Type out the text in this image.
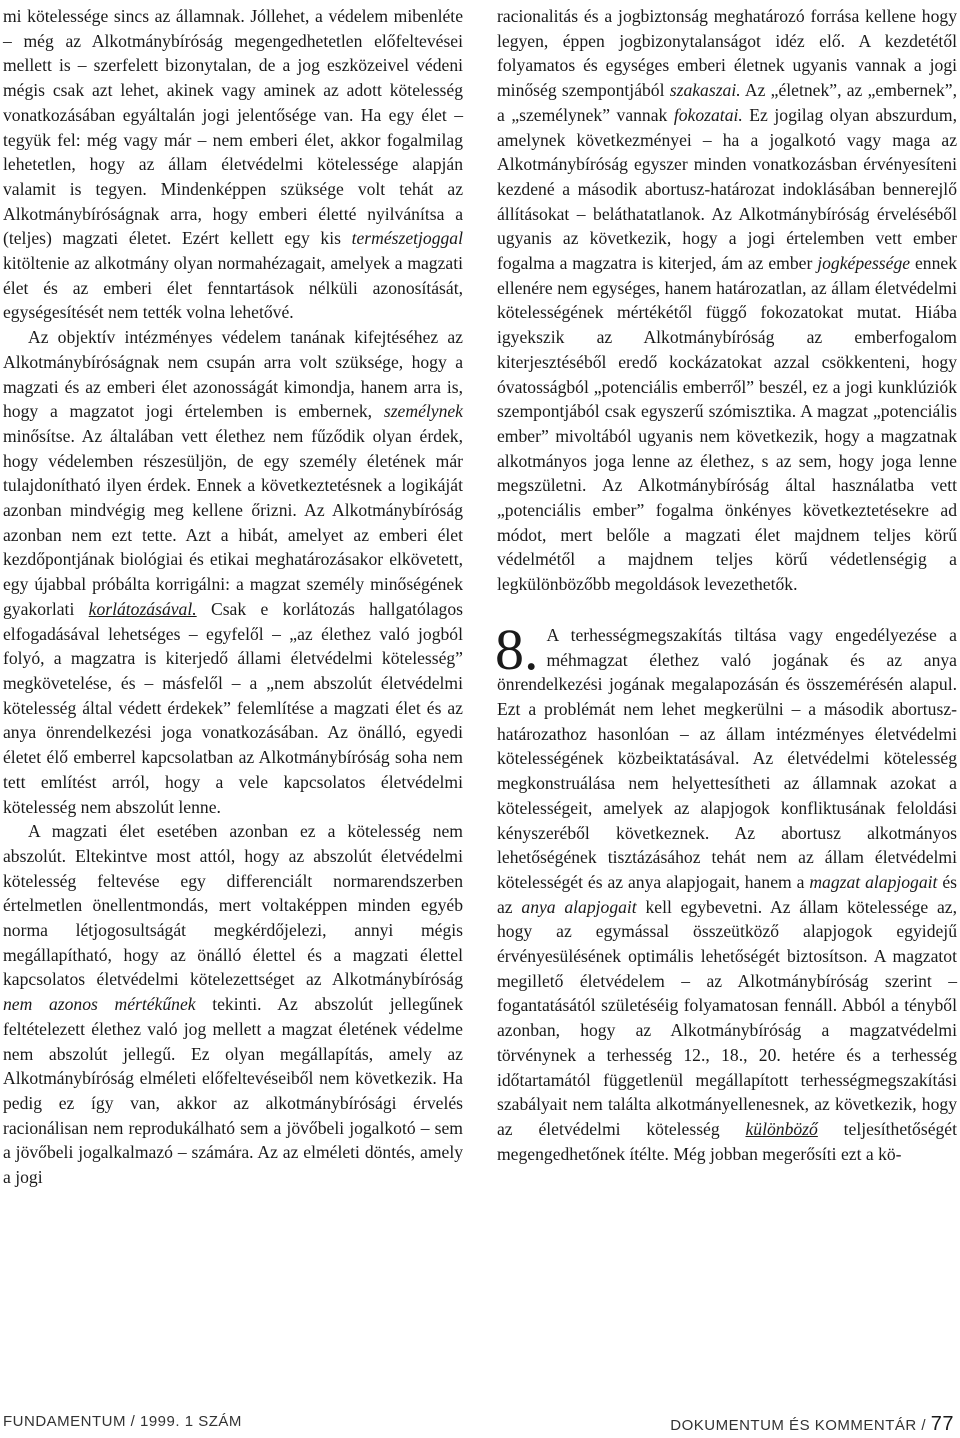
mi kötelessége sincs az államnak. Jóllehet, a védelem mibenléte – még az Alkotmánybíróság megengedhetetlen előfeltevései mellett is – szerfelett bizonytalan, de a jog eszközeivel védeni mégis csak azt lehet, akinek vagy aminek az adott kötelesség vonatkozásában egyáltalán jogi jelentősége van. Ha egy élet – tegyük fel: még vagy már – nem emberi élet, akkor fogalmilag lehetetlen, hogy az állam életvédelmi kötelessége alapján valamit is tegyen. Mindenképpen szüksége volt tehát az Alkotmánybíróságnak arra, hogy emberi életté nyilvánítsa a (teljes) magzati életet. Ezért kellett egy kis természetjoggal kitöltenie az alkotmány olyan normahézagait, amelyek a magzati élet és az emberi élet fenntartások nélküli azonosítását, egységesítését nem tették volna lehetővé.

Az objektív intézményes védelem tanának kifejtéséhez az Alkotmánybíróságnak nem csupán arra volt szüksége, hogy a magzati és az emberi élet azonosságát kimondja, hanem arra is, hogy a magzatot jogi értelemben is embernek, személynek minősítse. Az általában vett élethez nem fűződik olyan érdek, hogy védelemben részesüljön, de egy személy életének már tulajdonítható ilyen érdek. Ennek a következtetésnek a logikáját azonban mindvégig meg kellene őrizni. Az Alkotmánybíróság azonban nem ezt tette. Azt a hibát, amelyet az emberi élet kezdőpontjának biológiai és etikai meghatározásakor elkövetett, egy újabbal próbálta korrigálni: a magzat személy minőségének gyakorlati korlátozásával. Csak e korlátozás hallgatólagos elfogadásával lehetséges – egyfelől – „az élethez való jogból folyó, a magzatra is kiterjedő állami életvédelmi kötelesség” megkövetelése, és – másfelől – a „nem abszolút életvédelmi kötelesség által védett érdekek” felemlítése a magzati élet és az anya önrendelkezési joga vonatkozásában. Az önálló, egyedi életet élő emberrel kapcsolatban az Alkotmánybíróság soha nem tett említést arról, hogy a vele kapcsolatos életvédelmi kötelesség nem abszolút lenne.

A magzati élet esetében azonban ez a kötelesség nem abszolút. Eltekintve most attól, hogy az abszolút életvédelmi kötelesség feltevése egy differenciált normarendszerben értelmetlen önellentmondás, mert voltaképpen minden egyéb norma létjogosultságát megkérdőjelezi, annyi mégis megállapítható, hogy az önálló élettel és a magzati élettel kapcsolatos életvédelmi kötelezettséget az Alkotmánybíróság nem azonos mértékűnek tekinti. Az abszolút jellegűnek feltételezett élethez való jog mellett a magzat életének védelme nem abszolút jellegű. Ez olyan megállapítás, amely az Alkotmánybíróság elméleti előfeltevéseiből nem következik. Ha pedig ez így van, akkor az alkotmánybírósági érvelés racionálisan nem reprodukálható sem a jövőbeli jogalkotó – sem a jövőbeli jogalkalmazó – számára. Az az elméleti döntés, amely a jogi

racionalitás és a jogbiztonság meghatározó forrása kellene hogy legyen, éppen jogbizonytalanságot idéz elő. A kezdetétől folyamatos és egységes emberi életnek ugyanis vannak a jogi minőség szempontjából szakaszai. Az „életnek”, az „embernek”, a „személynek” vannak fokozatai. Ez jogilag olyan abszurdum, amelynek következményei – ha a jogalkotó vagy maga az Alkotmánybíróság egyszer minden vonatkozásban érvényesíteni kezdené a második abortusz-határozat indoklásában bennerejlő állításokat – beláthatatlanok. Az Alkotmánybíróság érveléséből ugyanis az következik, hogy a jogi értelemben vett ember fogalma a magzatra is kiterjed, ám az ember jogképessége ennek ellenére nem egységes, hanem határozatlan, az állam életvédelmi kötelességének mértékétől függő fokozatokat mutat. Hiába igyekszik az Alkotmánybíróság az emberfogalom kiterjesztéséből eredő kockázatokat azzal csökkenteni, hogy óvatosságból „potenciális emberről” beszél, ez a jogi kunklúziók szempontjából csak egyszerű szómisztika. A magzat „potenciális ember” mivoltából ugyanis nem következik, hogy a magzatnak alkotmányos joga lenne az élethez, s az sem, hogy joga lenne megszületni. Az Alkotmánybíróság által használatba vett „potenciális ember” fogalma önkényes következtetésekre ad módot, mert belőle a magzati élet majdnem teljes körű védelmétől a majdnem teljes körű védetlenségig a legkülönbözőbb megoldások levezethetők.

8. A terhességmegszakítás tiltása vagy engedélyezése a méhmagzat élethez való jogának és az anya önrendelkezési jogának megalapozásán és összemérésén alapul. Ezt a problémát nem lehet megkerülni – a második abortusz-határozathoz hasonlóan – az állam intézményes életvédelmi kötelességének közbeiktatásával. Az életvédelmi kötelesség megkonstruálása nem helyettesítheti az államnak azokat a kötelességeit, amelyek az alapjogok konfliktusának feloldási kényszeréből következnek. Az abortusz alkotmányos lehetőségének tisztázásához tehát nem az állam életvédelmi kötelességét és az anya alapjogait, hanem a magzat alapjogait és az anya alapjogait kell egybevetni. Az állam kötelessége az, hogy az egymással összeütköző alapjogok egyidejű érvényesülésének optimális lehetőségét biztosítson. A magzatot megillető életvédelem – az Alkotmánybíróság szerint – fogantatásától születéséig folyamatosan fennáll. Abból a tényből azonban, hogy az Alkotmánybíróság a magzatvédelmi törvénynek a terhesség 12., 18., 20. hetére és a terhesség időtartamától függetlenül megállapított terhességmegszakítási szabályait nem találta alkotmányellenesnek, az következik, hogy az életvédelmi kötelesség különböző teljesíthetőségét megengedhetőnek ítélte. Még jobban megerősíti ezt a kö-

FUNDAMENTUM / 1999. 1 SZÁM	DOKUMENTUM ÉS KOMMENTÁR / 77
